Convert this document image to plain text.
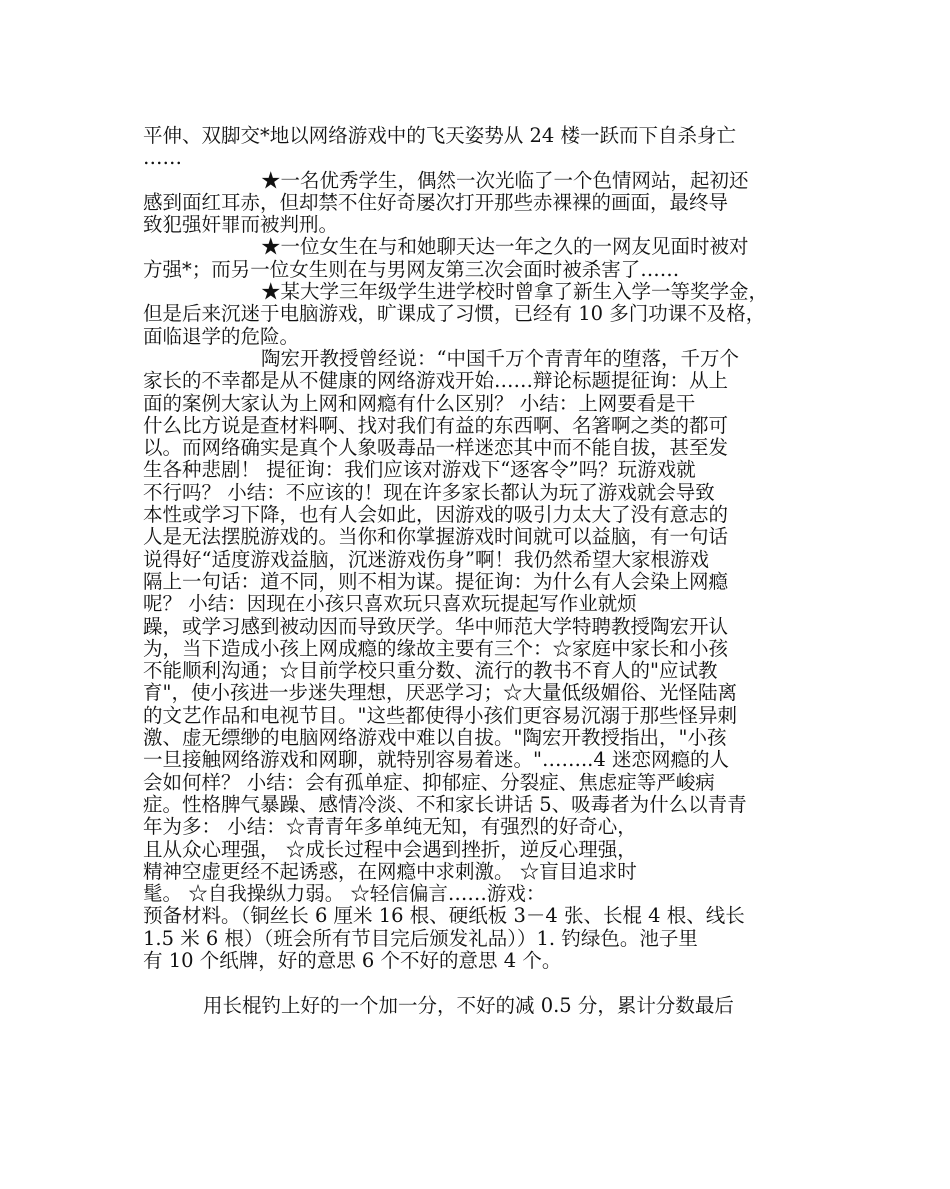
平伸、双脚交*地以网络游戏中的飞天姿势从 24 楼一跃而下自杀身亡
……
★一名优秀学生，偶然一次光临了一个色情网站，起初还
感到面红耳赤，但却禁不住好奇屡次打开那些赤裸裸的画面，最终导
致犯强奸罪而被判刑。
★一位女生在与和她聊天达一年之久的一网友见面时被对
方强*；而另一位女生则在与男网友第三次会面时被杀害了……
★某大学三年级学生进学校时曾拿了新生入学一等奖学金，
但是后来沉迷于电脑游戏，旷课成了习惯，已经有 10 多门功课不及格，
面临退学的危险。
陶宏开教授曾经说：“中国千万个青青年的堕落，千万个
家长的不幸都是从不健康的网络游戏开始……辩论标题提征询：从上
面的案例大家认为上网和网瘾有什么区别？ 小结：上网要看是干
什么比方说是查材料啊、找对我们有益的东西啊、名箸啊之类的都可
以。而网络确实是真个人象吸毒品一样迷恋其中而不能自拔，甚至发
生各种悲剧！ 提征询：我们应该对游戏下“逐客令”吗？玩游戏就
不行吗？ 小结：不应该的！现在许多家长都认为玩了游戏就会导致
本性或学习下降，也有人会如此，因游戏的吸引力太大了没有意志的
人是无法摆脱游戏的。当你和你掌握游戏时间就可以益脑，有一句话
说得好“适度游戏益脑，沉迷游戏伤身”啊！我仍然希望大家根游戏
隔上一句话：道不同，则不相为谋。提征询：为什么有人会染上网瘾
呢？ 小结：因现在小孩只喜欢玩只喜欢玩提起写作业就烦
躁，或学习感到被动因而导致厌学。华中师范大学特聘教授陶宏开认
为，当下造成小孩上网成瘾的缘故主要有三个：☆家庭中家长和小孩
不能顺利沟通；☆目前学校只重分数、流行的教书不育人的"应试教
育"，使小孩进一步迷失理想，厌恶学习；☆大量低级媚俗、光怪陆离
的文艺作品和电视节目。"这些都使得小孩们更容易沉溺于那些怪异刺
激、虚无缥缈的电脑网络游戏中难以自拔。"陶宏开教授指出，"小孩
一旦接触网络游戏和网聊，就特别容易着迷。"……..4 迷恋网瘾的人
会如何样？ 小结：会有孤单症、抑郁症、分裂症、焦虑症等严峻病
症。性格脾气暴躁、感情冷淡、不和家长讲话 5、吸毒者为什么以青青
年为多： 小结：☆青青年多单纯无知，有强烈的好奇心，
且从众心理强， ☆成长过程中会遇到挫折，逆反心理强，
精神空虚更经不起诱惑，在网瘾中求刺激。 ☆盲目追求时
髦。 ☆自我操纵力弱。 ☆轻信偏言……游戏：
预备材料。（铜丝长 6 厘米 16 根、硬纸板 3－4 张、长棍 4 根、线长
1.5 米 6 根）（班会所有节目完后颁发礼品））1. 钓绿色。池子里
有 10 个纸牌，好的意思 6 个不好的意思 4 个。
用长棍钓上好的一个加一分，不好的减 0.5 分，累计分数最后
